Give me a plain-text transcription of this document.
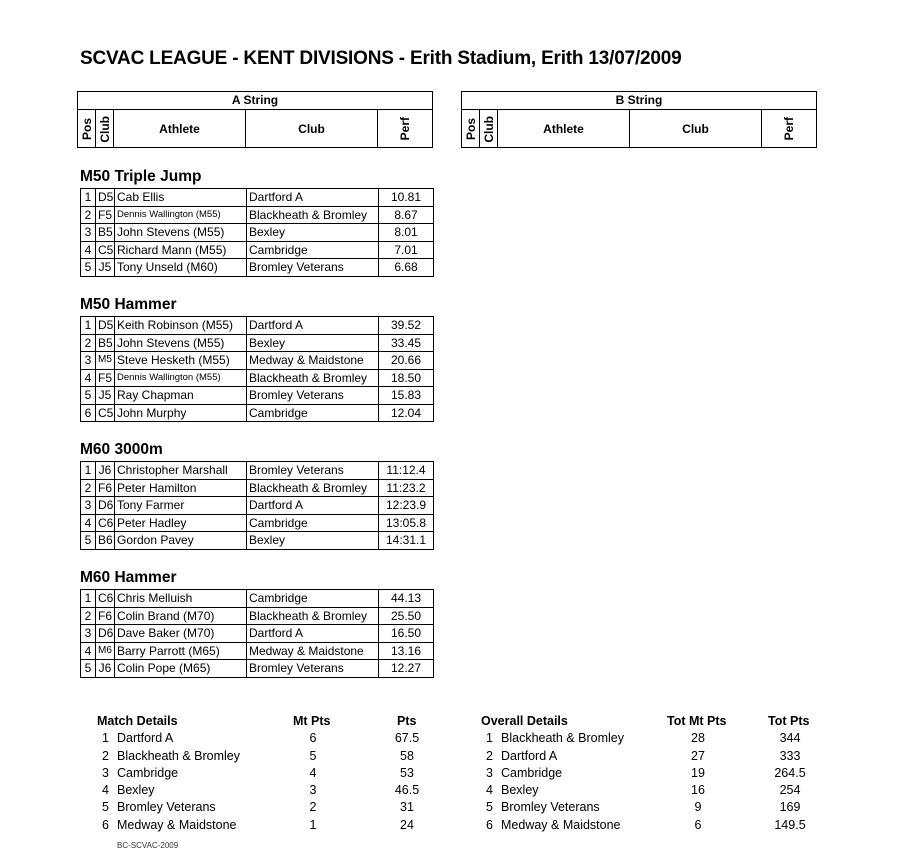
SCVAC LEAGUE - KENT DIVISIONS - Erith Stadium, Erith 13/07/2009
A String
Pos Club	Athlete	Club	Perf
B String
Pos Club	Athlete	Club	Perf
M50 Triple Jump
1	D5	Cab Ellis	Dartford A	10.81
2	F5	Dennis Wallington (M55)	Blackheath & Bromley	8.67
3	B5	John Stevens (M55)	Bexley	8.01
4	C5	Richard Mann (M55)	Cambridge	7.01
5	J5	Tony Unseld (M60)	Bromley Veterans	6.68
M50 Hammer
1	D5	Keith Robinson (M55)	Dartford A	39.52
2	B5	John Stevens (M55)	Bexley	33.45
3	M5	Steve Hesketh (M55)	Medway & Maidstone	20.66
4	F5	Dennis Wallington (M55)	Blackheath & Bromley	18.50
5	J5	Ray Chapman	Bromley Veterans	15.83
6	C5	John Murphy	Cambridge	12.04
M60 3000m
1	J6	Christopher Marshall	Bromley Veterans	11:12.4
2	F6	Peter Hamilton	Blackheath & Bromley	11:23.2
3	D6	Tony Farmer	Dartford A	12:23.9
4	C6	Peter Hadley	Cambridge	13:05.8
5	B6	Gordon Pavey	Bexley	14:31.1
M60 Hammer
1	C6	Chris Melluish	Cambridge	44.13
2	F6	Colin Brand (M70)	Blackheath & Bromley	25.50
3	D6	Dave Baker (M70)	Dartford A	16.50
4	M6	Barry Parrott (M65)	Medway & Maidstone	13.16
5	J6	Colin Pope (M65)	Bromley Veterans	12.27
Match Details	Mt Pts	Pts
1 Dartford A	6	67.5
2 Blackheath & Bromley	5	58
3 Cambridge	4	53
4 Bexley	3	46.5
5 Bromley Veterans	2	31
6 Medway & Maidstone	1	24
Overall Details	Tot Mt Pts	Tot Pts
1 Blackheath & Bromley	28	344
2 Dartford A	27	333
3 Cambridge	19	264.5
4 Bexley	16	254
5 Bromley Veterans	9	169
6 Medway & Maidstone	6	149.5
BC-SCVAC-2009
